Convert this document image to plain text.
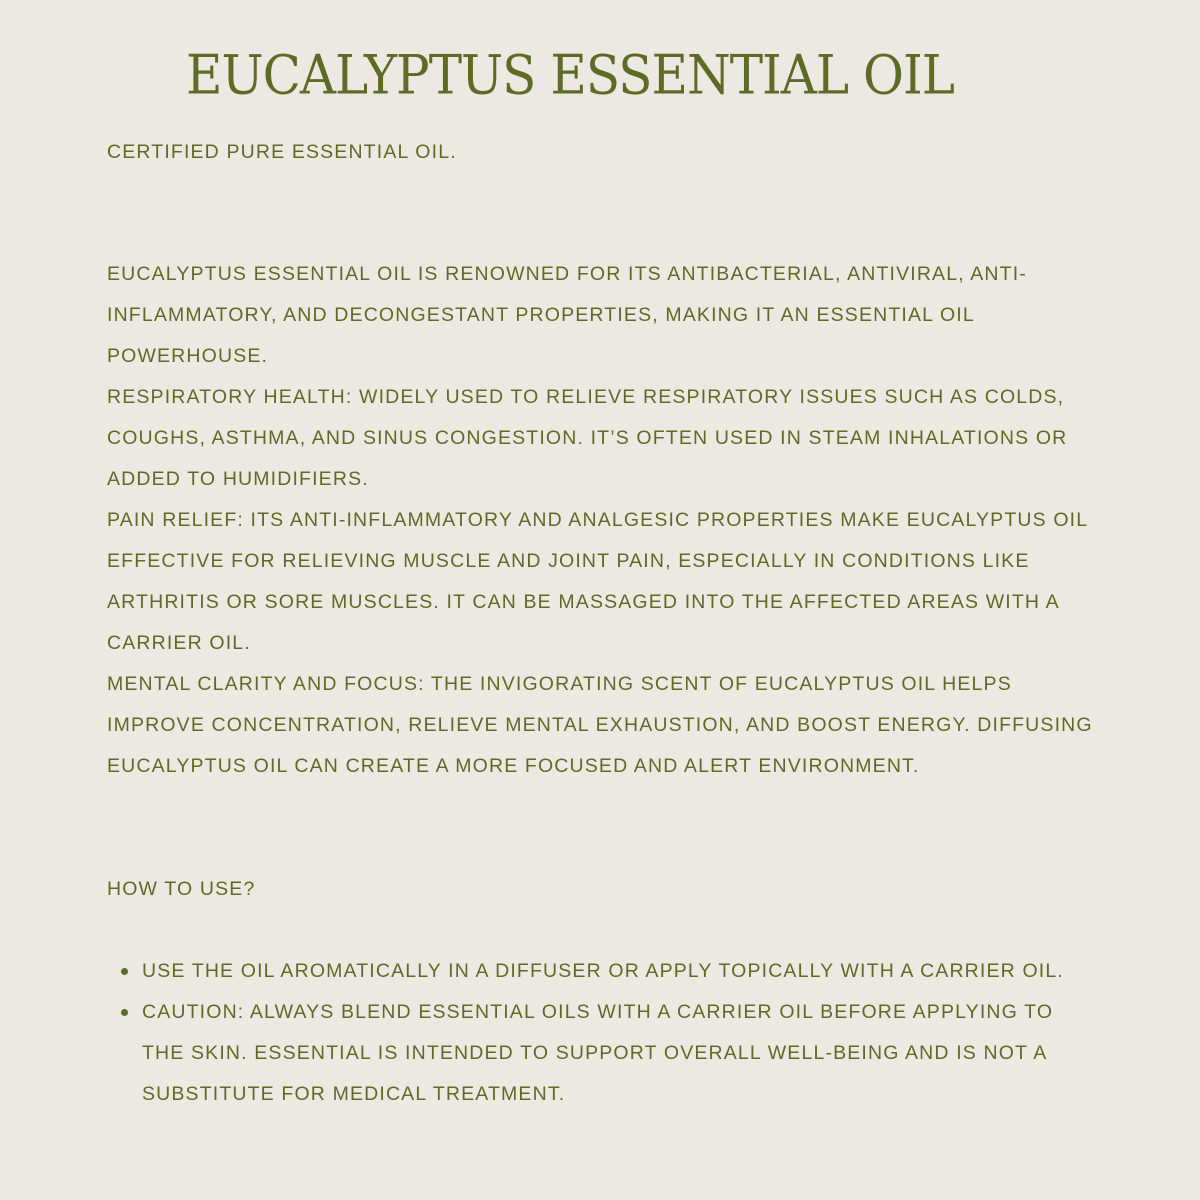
EUCALYPTUS ESSENTIAL OIL

CERTIFIED PURE ESSENTIAL OIL.

EUCALYPTUS ESSENTIAL OIL IS RENOWNED FOR ITS ANTIBACTERIAL, ANTIVIRAL, ANTI-INFLAMMATORY, AND DECONGESTANT PROPERTIES, MAKING IT AN ESSENTIAL OIL POWERHOUSE.

RESPIRATORY HEALTH: WIDELY USED TO RELIEVE RESPIRATORY ISSUES SUCH AS COLDS, COUGHS, ASTHMA, AND SINUS CONGESTION. IT’S OFTEN USED IN STEAM INHALATIONS OR ADDED TO HUMIDIFIERS.

PAIN RELIEF: ITS ANTI-INFLAMMATORY AND ANALGESIC PROPERTIES MAKE EUCALYPTUS OIL EFFECTIVE FOR RELIEVING MUSCLE AND JOINT PAIN, ESPECIALLY IN CONDITIONS LIKE ARTHRITIS OR SORE MUSCLES. IT CAN BE MASSAGED INTO THE AFFECTED AREAS WITH A CARRIER OIL.

MENTAL CLARITY AND FOCUS: THE INVIGORATING SCENT OF EUCALYPTUS OIL HELPS IMPROVE CONCENTRATION, RELIEVE MENTAL EXHAUSTION, AND BOOST ENERGY. DIFFUSING EUCALYPTUS OIL CAN CREATE A MORE FOCUSED AND ALERT ENVIRONMENT.

HOW TO USE?

USE THE OIL AROMATICALLY IN A DIFFUSER OR APPLY TOPICALLY WITH A CARRIER OIL.
CAUTION: ALWAYS BLEND ESSENTIAL OILS WITH A CARRIER OIL BEFORE APPLYING TO THE SKIN. ESSENTIAL IS INTENDED TO SUPPORT OVERALL WELL-BEING AND IS NOT A SUBSTITUTE FOR MEDICAL TREATMENT.
